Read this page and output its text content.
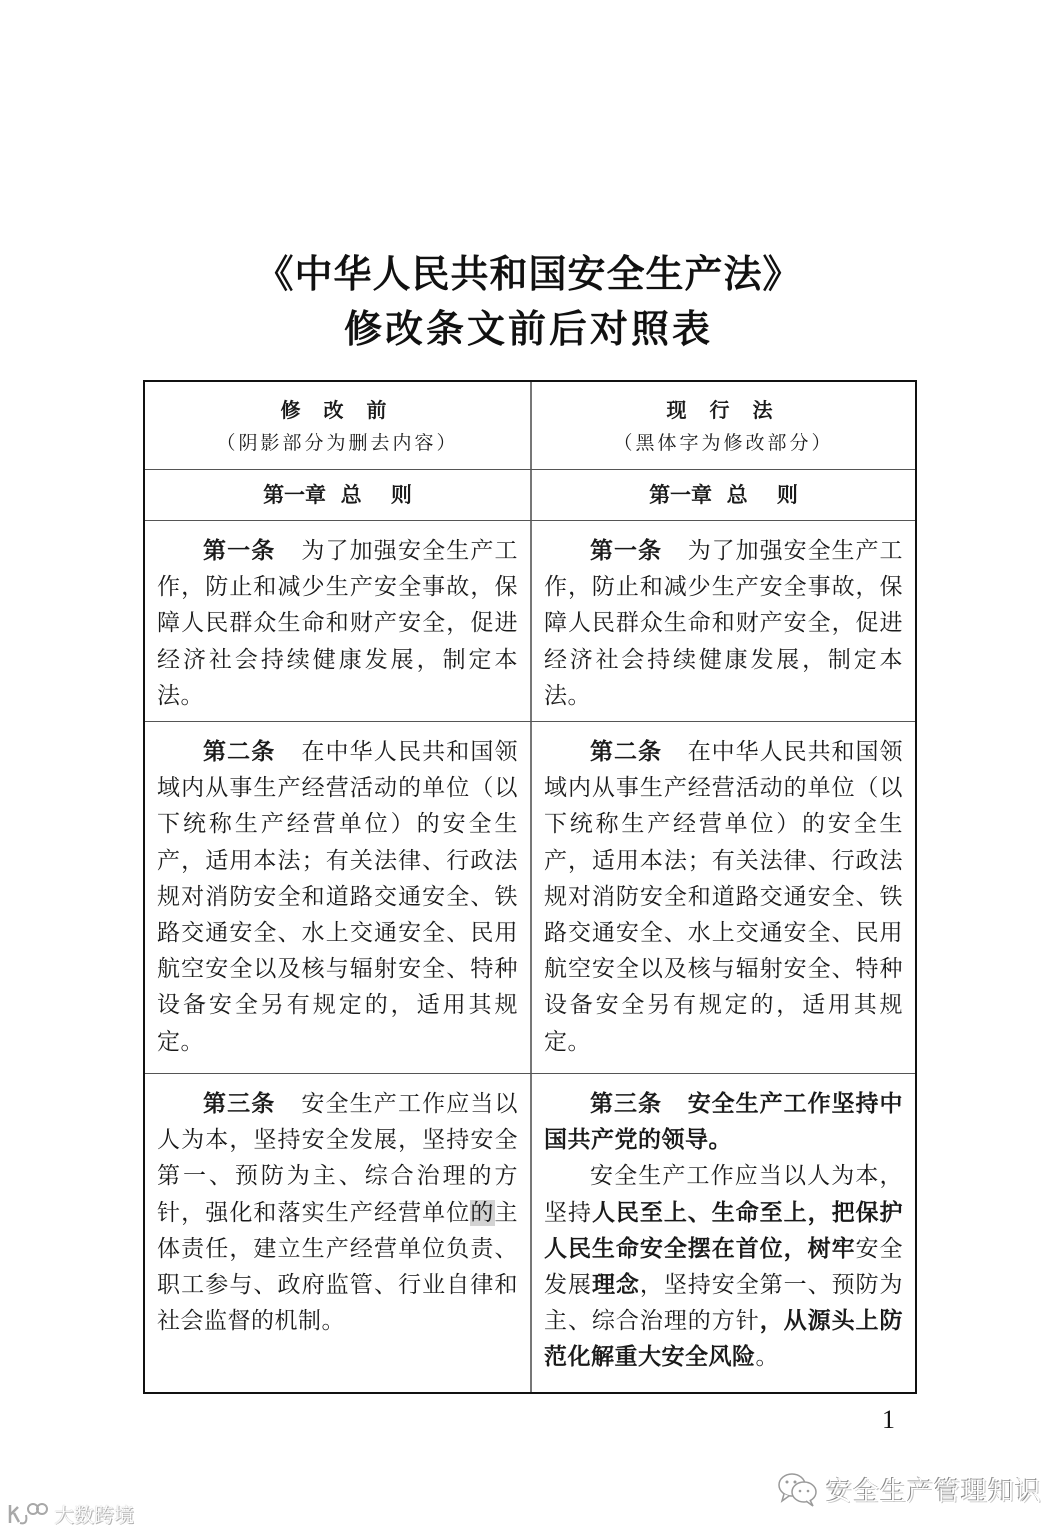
《中华人民共和国安全生产法》
修改条文前后对照表
修 改 前
（阴影部分为删去内容）
现 行 法
（黑体字为修改部分）
第一章  总    则	第一章  总    则

第一条 为了加强安全生产工作，防止和减少生产安全事故，保障人民群众生命和财产安全，促进经济社会持续健康发展，制定本法。

第一条 为了加强安全生产工作，防止和减少生产安全事故，保障人民群众生命和财产安全，促进经济社会持续健康发展，制定本法。

第二条 在中华人民共和国领域内从事生产经营活动的单位（以下统称生产经营单位）的安全生产，适用本法；有关法律、行政法规对消防安全和道路交通安全、铁路交通安全、水上交通安全、民用航空安全以及核与辐射安全、特种设备安全另有规定的，适用其规定。

第二条 在中华人民共和国领域内从事生产经营活动的单位（以下统称生产经营单位）的安全生产，适用本法；有关法律、行政法规对消防安全和道路交通安全、铁路交通安全、水上交通安全、民用航空安全以及核与辐射安全、特种设备安全另有规定的，适用其规定。

第三条 安全生产工作应当以人为本，坚持安全发展，坚持安全第一、预防为主、综合治理的方针，强化和落实生产经营单位的主体责任，建立生产经营单位负责、职工参与、政府监管、行业自律和社会监督的机制。

第三条 安全生产工作坚持中国共产党的领导。

安全生产工作应当以人为本，坚持人民至上、生命至上，把保护人民生命安全摆在首位，树牢安全发展理念，坚持安全第一、预防为主、综合治理的方针，从源头上防范化解重大安全风险。

1
安全生产管理知识
大数跨境
